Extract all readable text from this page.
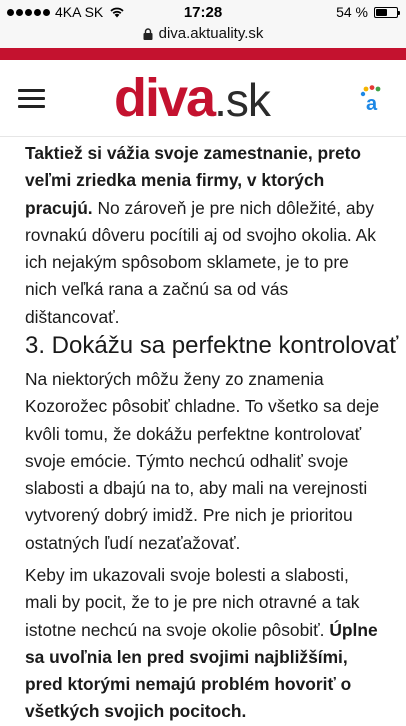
4KA SK	17:28	54 %
diva.aktuality.sk
diva .sk	a

Taktiež si vážia svoje zamestnanie, preto veľmi zriedka menia firmy, v ktorých pracujú. No zároveň je pre nich dôležité, aby rovnakú dôveru pocítili aj od svojho okolia. Ak ich nejakým spôsobom sklamete, je to pre nich veľká rana a začnú sa od vás dištancovať.

3. Dokážu sa perfektne kontrolovať

Na niektorých môžu ženy zo znamenia Kozorožec pôsobiť chladne. To všetko sa deje kvôli tomu, že dokážu perfektne kontrolovať svoje emócie. Týmto nechcú odhaliť svoje slabosti a dbajú na to, aby mali na verejnosti vytvorený dobrý imidž. Pre nich je prioritou ostatných ľudí nezaťažovať.

Keby im ukazovali svoje bolesti a slabosti, mali by pocit, že to je pre nich otravné a tak istotne nechcú na svoje okolie pôsobiť. Úplne sa uvoľnia len pred svojimi najbližšími, pred ktorými nemajú problém hovoriť o všetkých svojich pocitoch.
